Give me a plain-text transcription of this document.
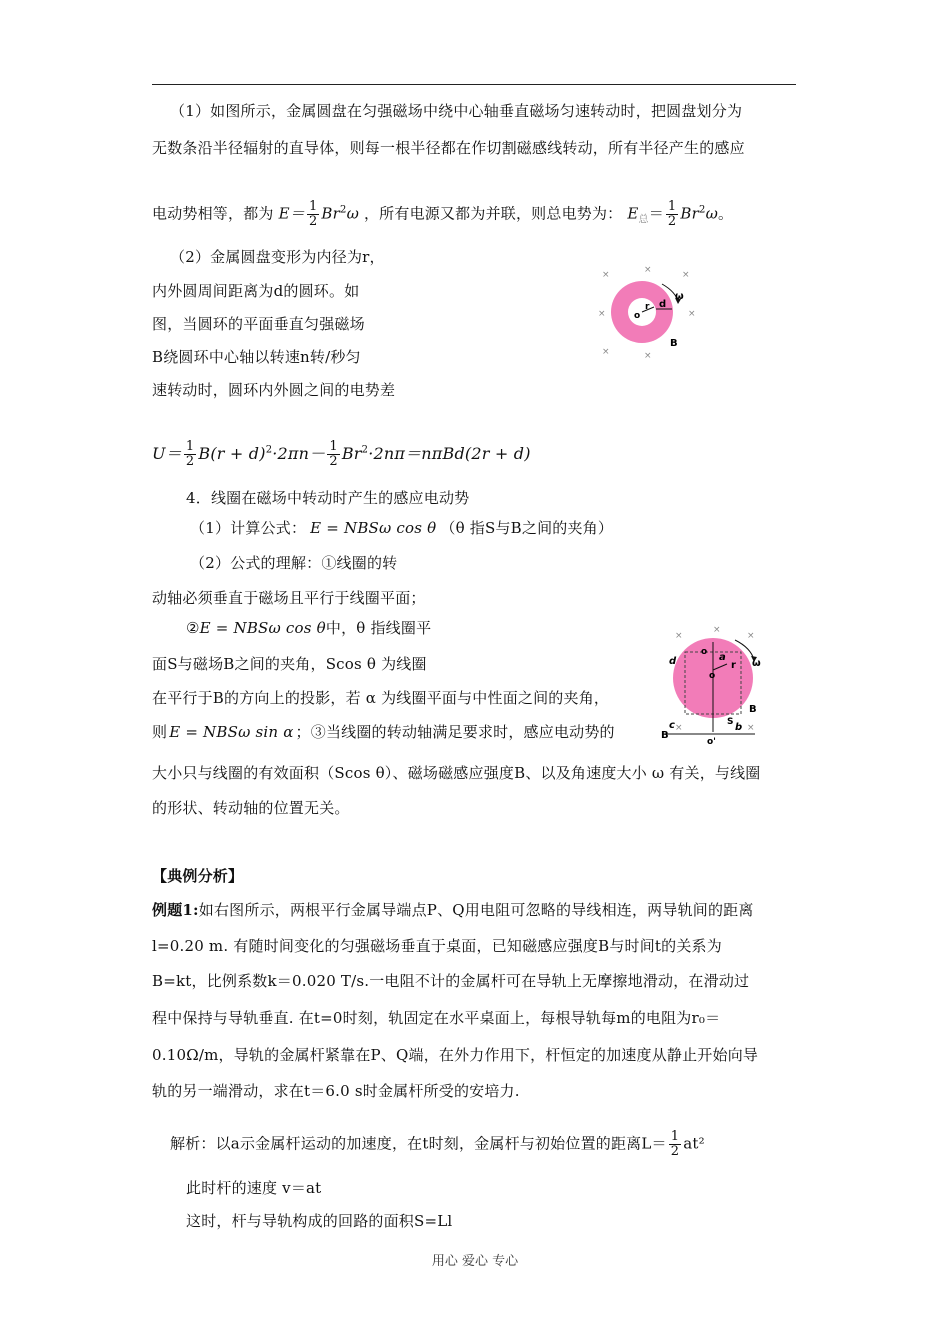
（1）如图所示，金属圆盘在匀强磁场中绕中心轴垂直磁场匀速转动时，把圆盘划分为
无数条沿半径辐射的直导体，则每一根半径都在作切割磁感线转动，所有半径产生的感应
电动势相等，都为 $E= \frac{1}{2} Br^2\omega$ ，所有电源又都为并联，则总电势为： $E_总= \frac{1}{2} Br^2\omega$。
（2）金属圆盘变形为内径为r，
内外圆周间距离为d的圆环。如
图，当圆环的平面垂直匀强磁场
B绕圆环中心轴以转速n转/秒匀
速转动时，圆环内外圆之间的电势差
×	×	×
×	×
×	×
o
r d
ω
B
$U= \frac{1}{2} B(r + d)^2\cdot 2\pi n- \frac{1}{2} Br^2\cdot 2n\pi=n\pi Bd(2r + d)$
4．线圈在磁场中转动时产生的感应电动势
（1）计算公式： E = NBSω cos θ （θ 指S与B之间的夹角）
（2）公式的理解：①线圈的转
动轴必须垂直于磁场且平行于线圈平面；
②E = NBSω cos θ中，θ 指线圈平
面S与磁场B之间的夹角，Scos θ 为线圈
在平行于B的方向上的投影，若 α 为线圈平面与中性面之间的夹角，
则 E = NBSω sin α ；③当线圈的转动轴满足要求时，感应电动势的
大小只与线圈的有效面积（Scos θ）、磁场磁感应强度B、以及角速度大小 ω 有关，与线圈
的形状、转动轴的位置无关。
×
×
×
×	×
d	a
o
o
r ω
B
c	S b
B
o'
【典例分析】
例题1:如右图所示，两根平行金属导端点P、Q用电阻可忽略的导线相连，两导轨间的距离
l=0.20 m. 有随时间变化的匀强磁场垂直于桌面，已知磁感应强度B与时间t的关系为
B=kt，比例系数k＝0.020 T/s.一电阻不计的金属杆可在导轨上无摩擦地滑动，在滑动过
程中保持与导轨垂直. 在t=0时刻，轨固定在水平桌面上，每根导轨每m的电阻为r₀＝
0.10Ω/m，导轨的金属杆紧靠在P、Q端，在外力作用下，杆恒定的加速度从静止开始向导
轨的另一端滑动，求在t＝6.0 s时金属杆所受的安培力.
解析：以a示金属杆运动的加速度，在t时刻，金属杆与初始位置的距离$L= \frac{1}{2} at^2$
此时杆的速度 v＝at
这时，杆与导轨构成的回路的面积S=Ll
用心 爱心 专心
